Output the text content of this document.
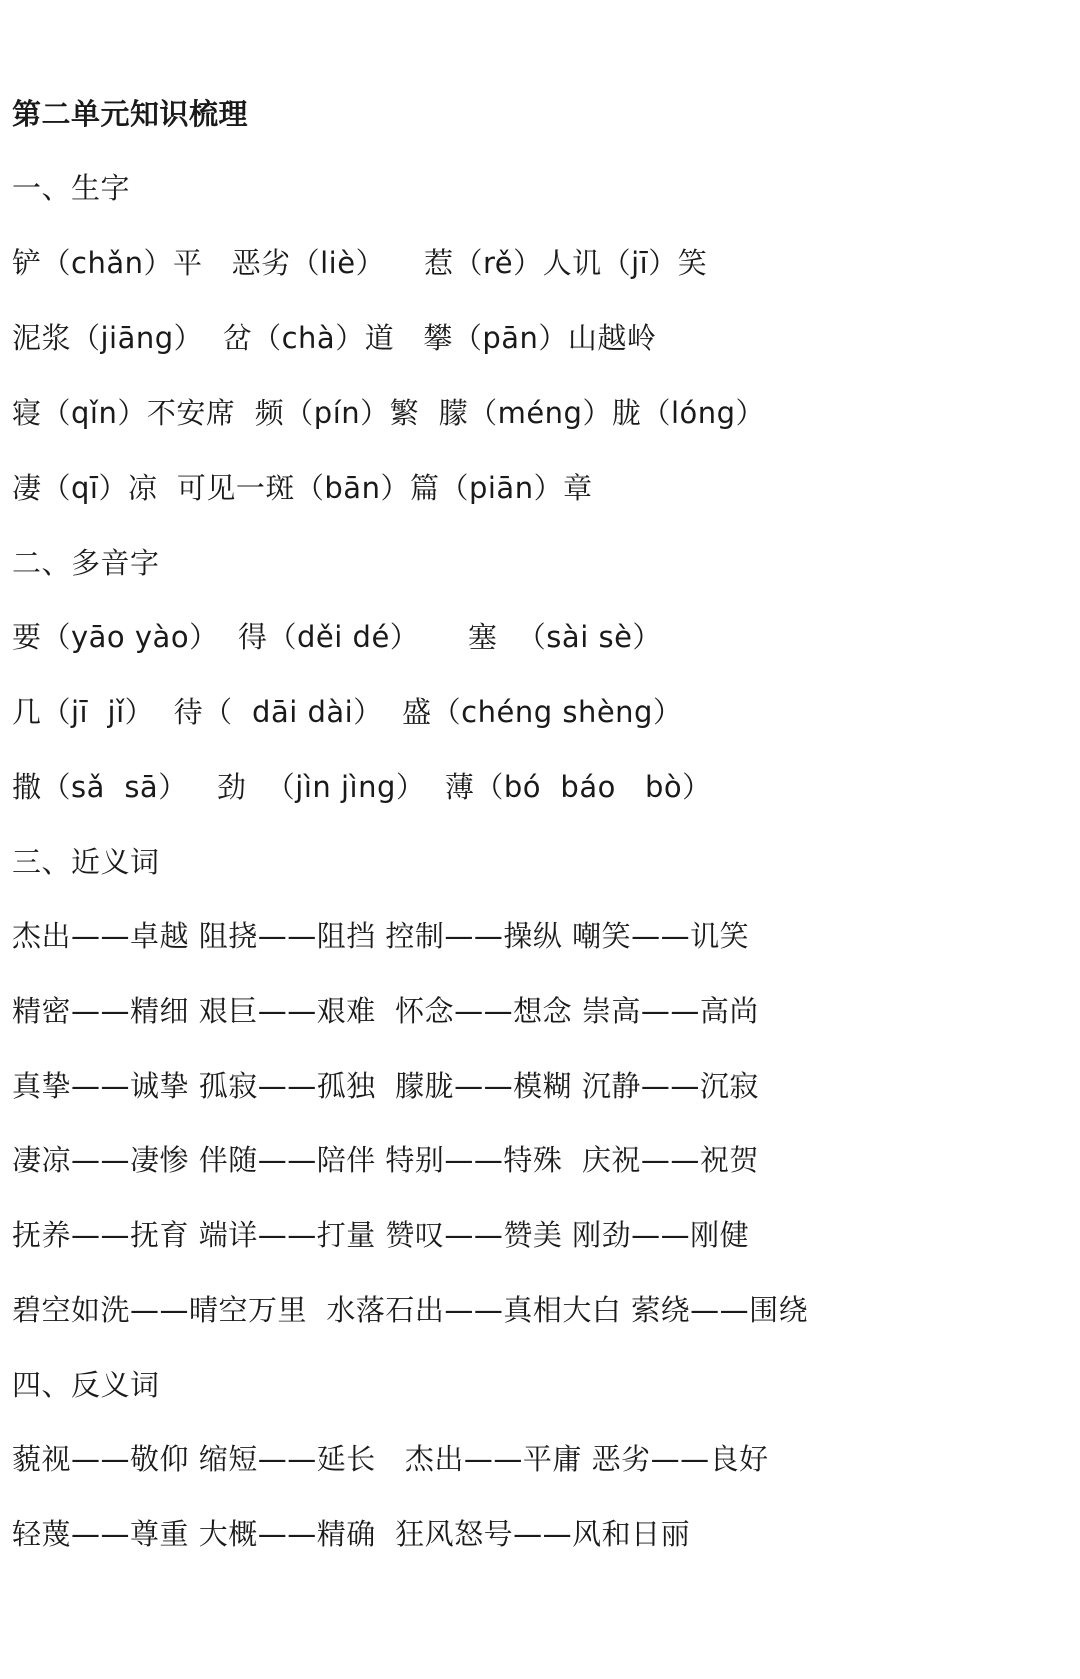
第二单元知识梳理
一、生字
铲（chǎn）平   恶劣（liè）    惹（rě）人讥（jī）笑
泥浆（jiāng）  岔（chà）道   攀（pān）山越岭
寝（qǐn）不安席  频（pín）繁  朦（méng）胧（lóng）
凄（qī）凉  可见一斑（bān）篇（piān）章
二、多音字
要（yāo yào）  得（děi dé）     塞  （sài sè）
几（jī  jǐ）  待（  dāi dài）  盛（chéng shèng）
撒（sǎ  sā）   劲  （jìn jìng）  薄（bó  báo   bò）
三、近义词
杰出——卓越 阻挠——阻挡 控制——操纵 嘲笑——讥笑
精密——精细 艰巨——艰难  怀念——想念 崇高——高尚
真挚——诚挚 孤寂——孤独  朦胧——模糊 沉静——沉寂
凄凉——凄惨 伴随——陪伴 特别——特殊  庆祝——祝贺
抚养——抚育 端详——打量 赞叹——赞美 刚劲——刚健
碧空如洗——晴空万里  水落石出——真相大白 萦绕——围绕
四、反义词
藐视——敬仰 缩短——延长   杰出——平庸 恶劣——良好
轻蔑——尊重 大概——精确  狂风怒号——风和日丽
